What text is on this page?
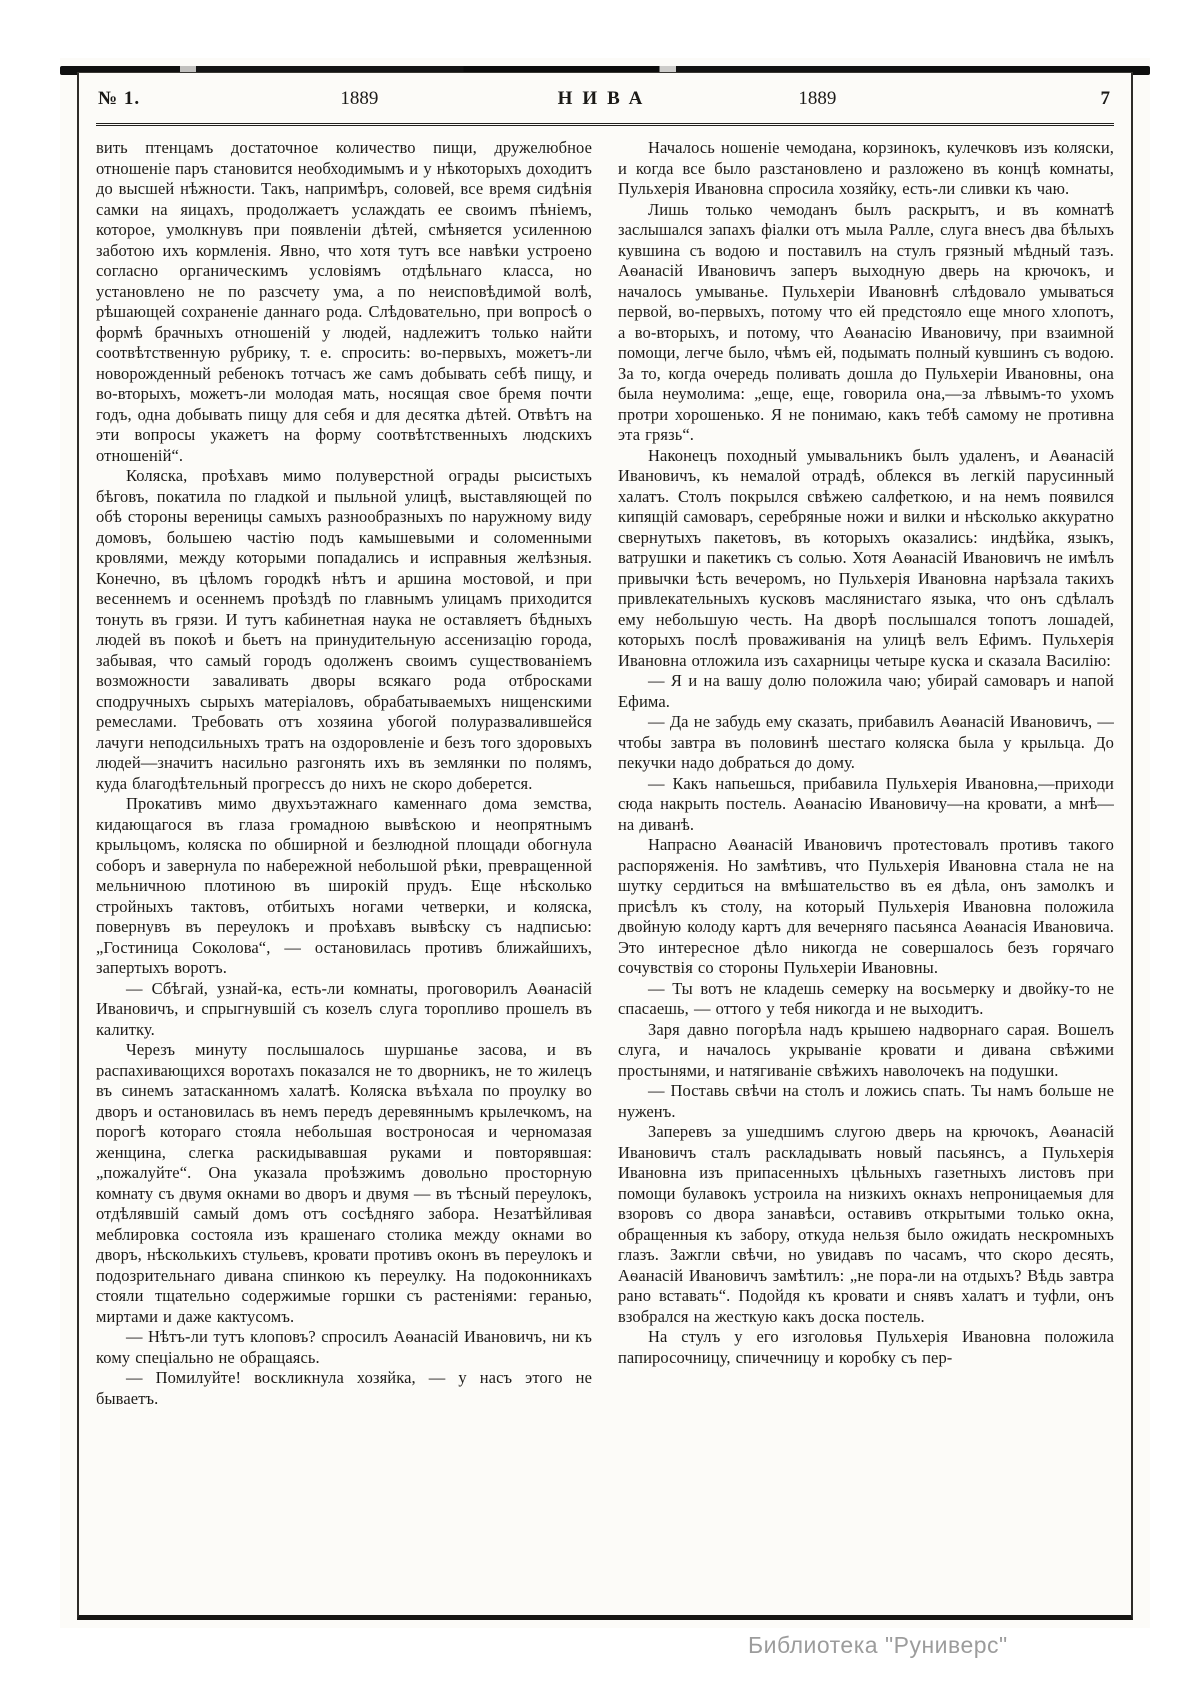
№ 1.	1889	НИВА	1889	7

вить птенцамъ достаточное количество пищи, дружелюбное отношеніе паръ становится необходимымъ и у нѣкоторыхъ доходитъ до высшей нѣжности. Такъ, напримѣръ, соловей, все время сидѣнія самки на яицахъ, продолжаетъ услаждать ее своимъ пѣніемъ, которое, умолкнувъ при появленіи дѣтей, смѣняется усиленною заботою ихъ кормленія. Явно, что хотя тутъ все навѣки устроено согласно органическимъ условіямъ отдѣльнаго класса, но установлено не по разсчету ума, а по неисповѣдимой волѣ, рѣшающей сохраненіе даннаго рода. Слѣдовательно, при вопросѣ о формѣ брачныхъ отношеній у людей, надлежитъ только найти соотвѣтственную рубрику, т. е. спросить: во-первыхъ, можетъ-ли новорожденный ребенокъ тотчасъ же самъ добывать себѣ пищу, и во-вторыхъ, можетъ-ли молодая мать, носящая свое бремя почти годъ, одна добывать пищу для себя и для десятка дѣтей. Отвѣтъ на эти вопросы укажетъ на форму соотвѣтственныхъ людскихъ отношеній“.

Коляска, проѣхавъ мимо полуверстной ограды рысистыхъ бѣговъ, покатила по гладкой и пыльной улицѣ, выставляющей по обѣ стороны вереницы самыхъ разнообразныхъ по наружному виду домовъ, большею частію подъ камышевыми и соломенными кровлями, между которыми попадались и исправныя желѣзныя. Конечно, въ цѣломъ городкѣ нѣтъ и аршина мостовой, и при весеннемъ и осеннемъ проѣздѣ по главнымъ улицамъ приходится тонуть въ грязи. И тутъ кабинетная наука не оставляетъ бѣдныхъ людей въ покоѣ и бьетъ на принудительную ассенизацію города, забывая, что самый городъ одолженъ своимъ существованіемъ возможности заваливать дворы всякаго рода отбросками сподручныхъ сырыхъ матеріаловъ, обрабатываемыхъ нищенскими ремеслами. Требовать отъ хозяина убогой полуразвалившейся лачуги неподсильныхъ тратъ на оздоровленіе и безъ того здоровыхъ людей—значитъ насильно разгонять ихъ въ землянки по полямъ, куда благодѣтельный прогрессъ до нихъ не скоро доберется.

Прокативъ мимо двухъэтажнаго каменнаго дома земства, кидающагося въ глаза громадною вывѣскою и неопрятнымъ крыльцомъ, коляска по обширной и безлюдной площади обогнула соборъ и завернула по набережной небольшой рѣки, превращенной мельничною плотиною въ широкій прудъ. Еще нѣсколько стройныхъ тактовъ, отбитыхъ ногами четверки, и коляска, повернувъ въ переулокъ и проѣхавъ вывѣску съ надписью: „Гостиница Соколова“, — остановилась противъ ближайшихъ, запертыхъ воротъ.

— Сбѣгай, узнай-ка, есть-ли комнаты, проговорилъ Аѳанасій Ивановичъ, и спрыгнувшій съ козелъ слуга торопливо прошелъ въ калитку.

Черезъ минуту послышалось шуршанье засова, и въ распахивающихся воротахъ показался не то дворникъ, не то жилецъ въ синемъ затасканномъ халатѣ. Коляска въѣхала по проулку во дворъ и остановилась въ немъ передъ деревяннымъ крылечкомъ, на порогѣ котораго стояла небольшая востроносая и черномазая женщина, слегка раскидывавшая руками и повторявшая: „пожалуйте“. Она указала проѣзжимъ довольно просторную комнату съ двумя окнами во дворъ и двумя — въ тѣсный переулокъ, отдѣлявшій самый домъ отъ сосѣдняго забора. Незатѣйливая меблировка состояла изъ крашенаго столика между окнами во дворъ, нѣсколькихъ стульевъ, кровати противъ оконъ въ переулокъ и подозрительнаго дивана спинкою къ переулку. На подоконникахъ стояли тщательно содержимые горшки съ растеніями: геранью, миртами и даже кактусомъ.

— Нѣтъ-ли тутъ клоповъ? спросилъ Аѳанасій Ивановичъ, ни къ кому спеціально не обращаясь.

— Помилуйте! воскликнула хозяйка, — у насъ этого не бываетъ.

Началось ношеніе чемодана, корзинокъ, кулечковъ изъ коляски, и когда все было разстановлено и разложено въ концѣ комнаты, Пульхерія Ивановна спросила хозяйку, есть-ли сливки къ чаю.

Лишь только чемоданъ былъ раскрытъ, и въ комнатѣ заслышался запахъ фіалки отъ мыла Ралле, слуга внесъ два бѣлыхъ кувшина съ водою и поставилъ на стулъ грязный мѣдный тазъ. Аѳанасій Ивановичъ заперъ выходную дверь на крючокъ, и началось умыванье. Пульхеріи Ивановнѣ слѣдовало умываться первой, во-первыхъ, потому что ей предстояло еще много хлопотъ, а во-вторыхъ, и потому, что Аѳанасію Ивановичу, при взаимной помощи, легче было, чѣмъ ей, подымать полный кувшинъ съ водою. За то, когда очередь поливать дошла до Пульхеріи Ивановны, она была неумолима: „еще, еще, говорила она,—за лѣвымъ-то ухомъ протри хорошенько. Я не понимаю, какъ тебѣ самому не противна эта грязь“.

Наконецъ походный умывальникъ былъ удаленъ, и Аѳанасій Ивановичъ, къ немалой отрадѣ, облекся въ легкій парусинный халатъ. Столъ покрылся свѣжею салфеткою, и на немъ появился кипящій самоваръ, серебряные ножи и вилки и нѣсколько аккуратно свернутыхъ пакетовъ, въ которыхъ оказались: индѣйка, языкъ, ватрушки и пакетикъ съ солью. Хотя Аѳанасій Ивановичъ не имѣлъ привычки ѣсть вечеромъ, но Пульхерія Ивановна нарѣзала такихъ привлекательныхъ кусковъ маслянистаго языка, что онъ сдѣлалъ ему небольшую честь. На дворѣ послышался топотъ лошадей, которыхъ послѣ проваживанія на улицѣ велъ Ефимъ. Пульхерія Ивановна отложила изъ сахарницы четыре куска и сказала Василію:

— Я и на вашу долю положила чаю; убирай самоваръ и напой Ефима.

— Да не забудь ему сказать, прибавилъ Аѳанасій Ивановичъ, — чтобы завтра въ половинѣ шестаго коляска была у крыльца. До пекучки надо добраться до дому.

— Какъ напьешься, прибавила Пульхерія Ивановна,—приходи сюда накрыть постель. Аѳанасію Ивановичу—на кровати, а мнѣ—на диванѣ.

Напрасно Аѳанасій Ивановичъ протестовалъ противъ такого распоряженія. Но замѣтивъ, что Пульхерія Ивановна стала не на шутку сердиться на вмѣшательство въ ея дѣла, онъ замолкъ и присѣлъ къ столу, на который Пульхерія Ивановна положила двойную колоду картъ для вечерняго пасьянса Аѳанасія Ивановича. Это интересное дѣло никогда не совершалось безъ горячаго сочувствія со стороны Пульхеріи Ивановны.

— Ты вотъ не кладешь семерку на восьмерку и двойку-то не спасаешь, — оттого у тебя никогда и не выходитъ.

Заря давно погорѣла надъ крышею надворнаго сарая. Вошелъ слуга, и началось укрываніе кровати и дивана свѣжими простынями, и натягиваніе свѣжихъ наволочекъ на подушки.

— Поставь свѣчи на столъ и ложись спать. Ты намъ больше не нуженъ.

Заперевъ за ушедшимъ слугою дверь на крючокъ, Аѳанасій Ивановичъ сталъ раскладывать новый пасьянсъ, а Пульхерія Ивановна изъ припасенныхъ цѣльныхъ газетныхъ листовъ при помощи булавокъ устроила на низкихъ окнахъ непроницаемыя для взоровъ со двора занавѣси, оставивъ открытыми только окна, обращенныя къ забору, откуда нельзя было ожидать нескромныхъ глазъ. Зажгли свѣчи, но увидавъ по часамъ, что скоро десять, Аѳанасій Ивановичъ замѣтилъ: „не пора-ли на отдыхъ? Вѣдь завтра рано вставать“. Подойдя къ кровати и снявъ халатъ и туфли, онъ взобрался на жесткую какъ доска постель.

На стулъ у его изголовья Пульхерія Ивановна положила папиросочницу, спичечницу и коробку съ пер-

Библиотека "Руниверс"
